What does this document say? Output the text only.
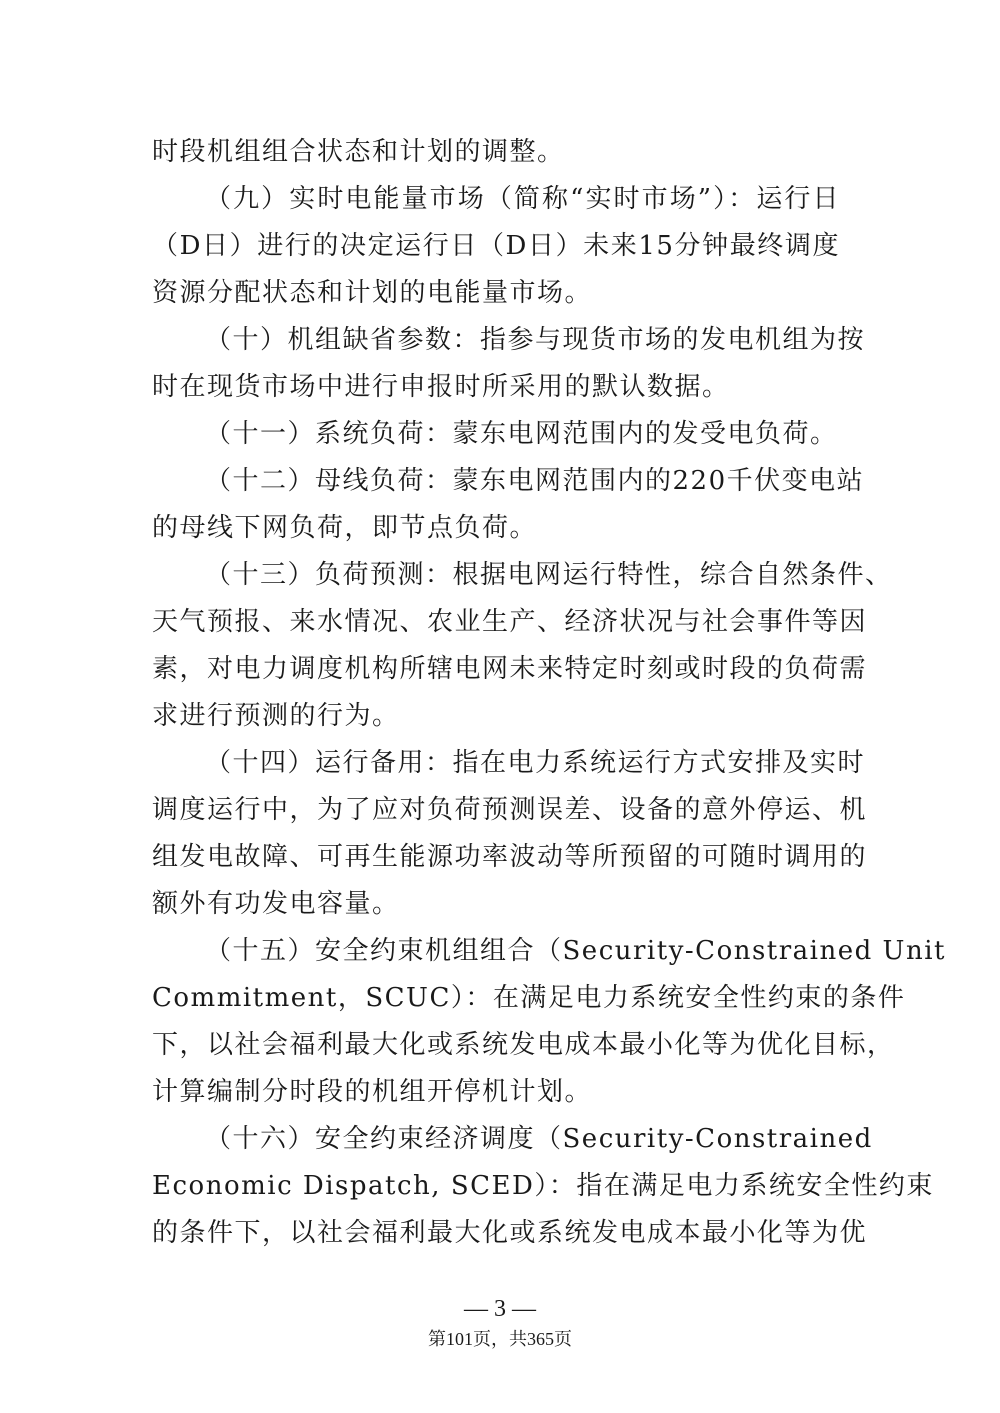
时段机组组合状态和计划的调整。
（九）实时电能量市场（简称“实时市场”）：运行日
（D日）进行的决定运行日（D日）未来15分钟最终调度
资源分配状态和计划的电能量市场。
（十）机组缺省参数：指参与现货市场的发电机组为按
时在现货市场中进行申报时所采用的默认数据。
（十一）系统负荷：蒙东电网范围内的发受电负荷。
（十二）母线负荷：蒙东电网范围内的220千伏变电站
的母线下网负荷，即节点负荷。
（十三）负荷预测：根据电网运行特性，综合自然条件、
天气预报、来水情况、农业生产、经济状况与社会事件等因
素，对电力调度机构所辖电网未来特定时刻或时段的负荷需
求进行预测的行为。
（十四）运行备用：指在电力系统运行方式安排及实时
调度运行中，为了应对负荷预测误差、设备的意外停运、机
组发电故障、可再生能源功率波动等所预留的可随时调用的
额外有功发电容量。
（十五）安全约束机组组合（Security-Constrained Unit
Commitment，SCUC）：在满足电力系统安全性约束的条件
下，以社会福利最大化或系统发电成本最小化等为优化目标，
计算编制分时段的机组开停机计划。
（十六）安全约束经济调度（Security-Constrained
Economic Dispatch, SCED）：指在满足电力系统安全性约束
的条件下，以社会福利最大化或系统发电成本最小化等为优
— 3 —
第101页，共365页
